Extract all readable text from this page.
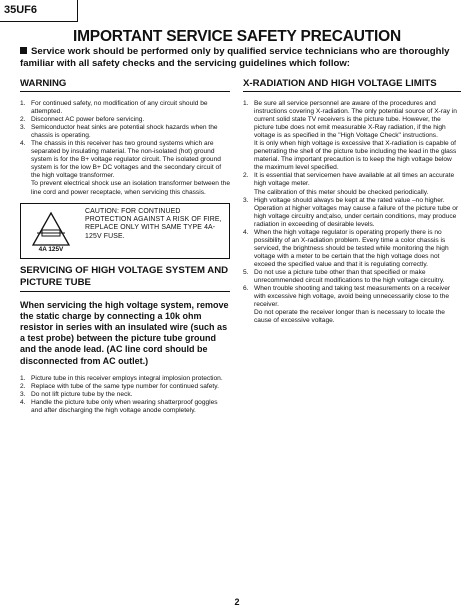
35UF6
IMPORTANT SERVICE SAFETY PRECAUTION
Service work should be performed only by qualified service technicians who are thoroughly familiar with all safety checks and the servicing guidelines which follow:
WARNING
1. For continued safety, no modification of any circuit should be attempted.

2. Disconnect AC power before servicing.

3. Semiconductor heat sinks are potential shock hazards when the chassis is operating.

4. The chassis in this receiver has two ground systems which are separated by insulating material. The non-isolated (hot) ground system is for the B+ voltage regulator circuit. The isolated ground system is for the low B+ DC voltages and the secondary circuit of the high voltage transformer.

To prevent electrical shock use an isolation transformer between the line cord and power receptacle, when servicing this chassis.

4A 125V
CAUTION: FOR CONTINUED PROTECTION AGAINST A RISK OF FIRE, REPLACE ONLY WITH SAME TYPE 4A-125V FUSE.
SERVICING OF HIGH VOLTAGE SYSTEM AND PICTURE TUBE
When servicing the high voltage system, remove the static charge by connecting a 10k ohm resistor in series with an insulated wire (such as a test probe) between the picture tube ground and the anode lead. (AC line cord should be disconnected from AC outlet.)
1. Picture tube in this receiver employs integral implosion protection.

2. Replace with tube of the same type number for continued safety.

3. Do not lift picture tube by the neck.

4. Handle the picture tube only when wearing shatterproof goggles and after discharging the high voltage anode completely.

X-RADIATION AND HIGH VOLTAGE LIMITS
1. Be sure all service personnel are aware of the procedures and instructions covering X-radiation. The only potential source of X-ray in current solid state TV receivers is the picture tube. However, the picture tube does not emit measurable X-Ray radiation, if the high voltage is as specified in the "High Voltage Check" instructions.

It is only when high voltage is excessive that X-radiation is capable of penetrating the shell of the picture tube including the lead in the glass material. The important precaution is to keep the high voltage below the maximum level specified.

2. It is essential that servicemen have available at all times an accurate high voltage meter.

The calibration of this meter should be checked periodically.

3. High voltage should always be kept at the rated value –no higher. Operation at higher voltages may cause a failure of the picture tube or high voltage circuitry and;also, under certain conditions, may produce radiation in exceeding of desirable levels.

4. When the high voltage regulator is operating properly there is no possibility of an X-radiation problem. Every time a color chassis is serviced, the brightness should be tested while monitoring the high voltage with a meter to be certain that the high voltage does not exceed the specified value and that it is regulating correctly.

5. Do not use a picture tube other than that specified or make unrecommended circuit modifications to the high voltage circuitry.

6. When trouble shooting and taking test measurements on a receiver with excessive high voltage, avoid being unnecessarily close to the receiver.

Do not operate the receiver longer than is necessary to locate the cause of excessive voltage.

2
